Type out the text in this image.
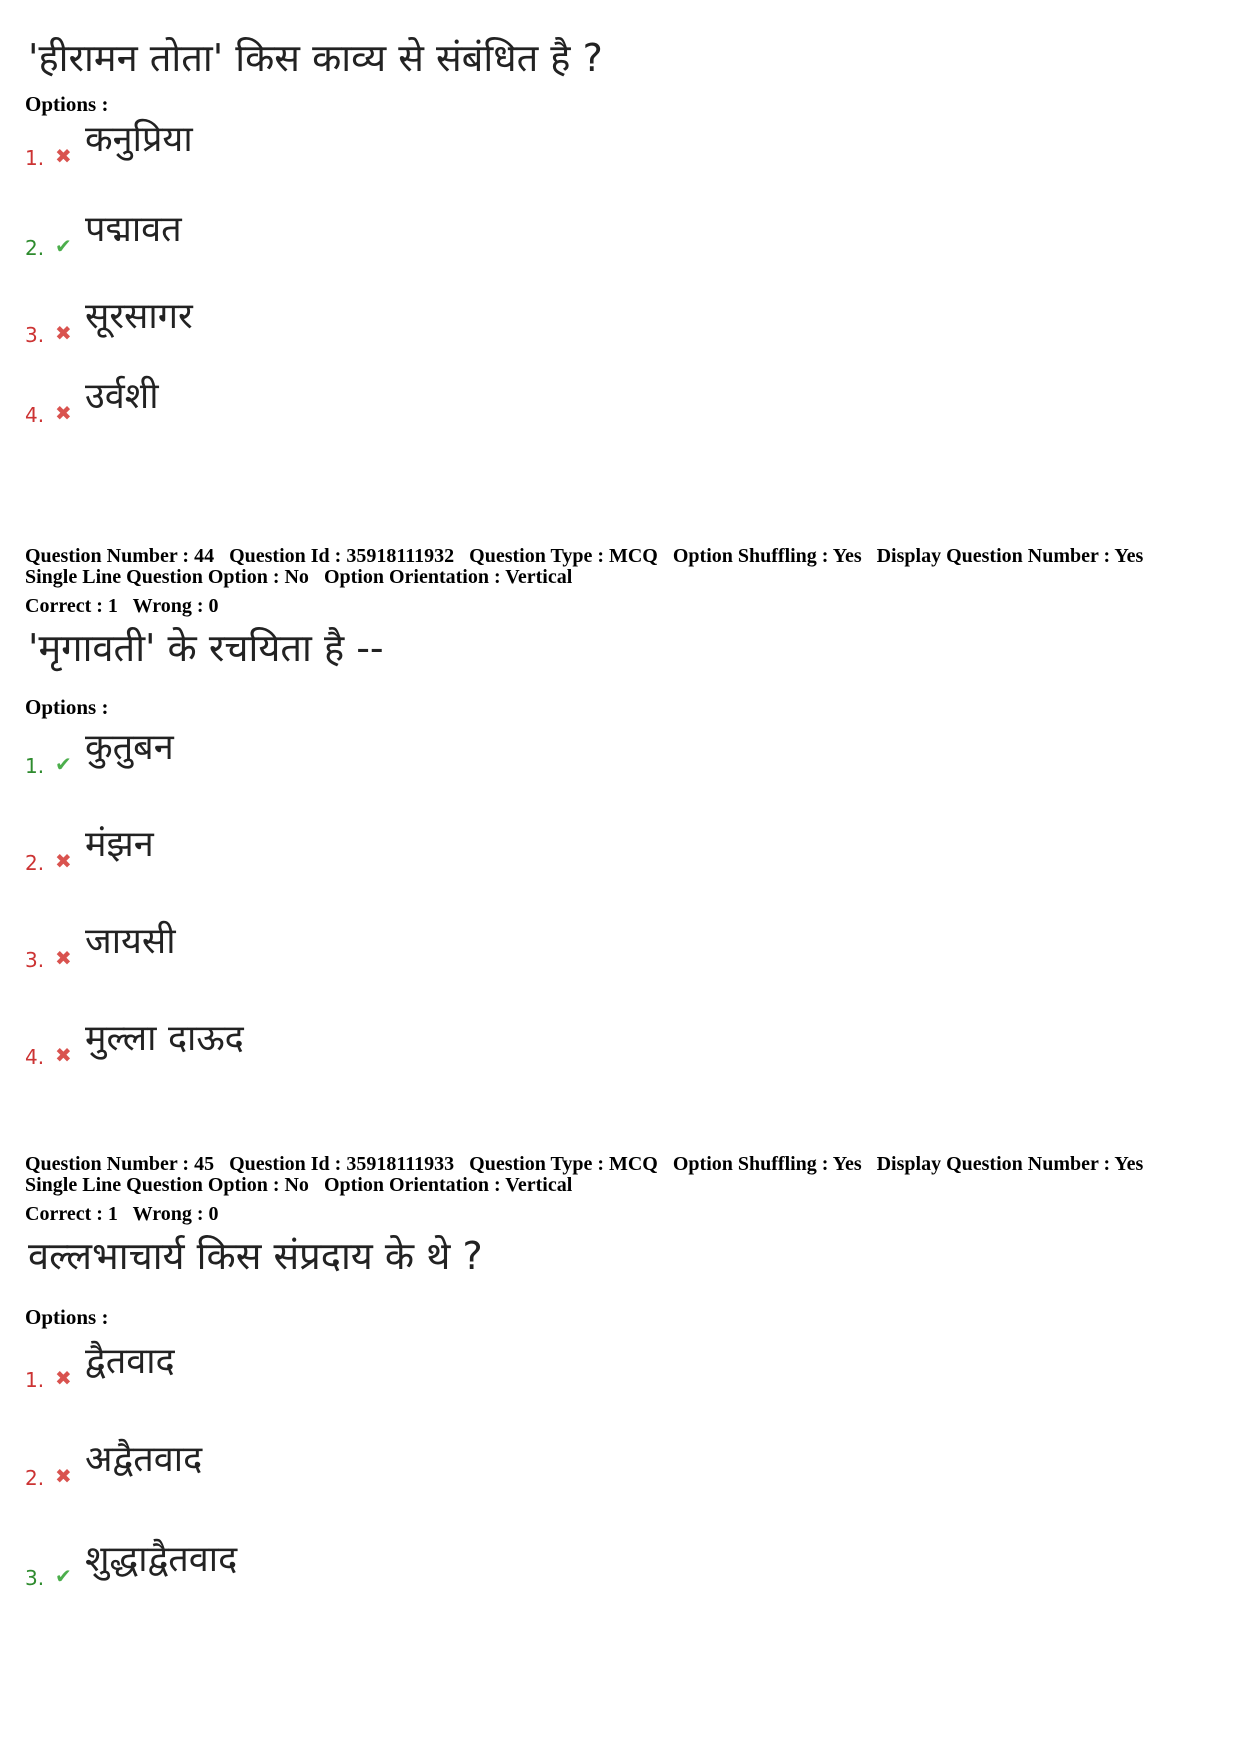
'हीरामन तोता' किस काव्य से संबंधित है ?
Options :
1. ✖ कनुप्रिया
2. ✔ पद्मावत
3. ✖ सूरसागर
4. ✖ उर्वशी
Question Number : 44 Question Id : 35918111932 Question Type : MCQ Option Shuffling : Yes Display Question Number : Yes
Single Line Question Option : No Option Orientation : Vertical
Correct : 1 Wrong : 0
'मृगावती' के रचयिता है --
Options :
1. ✔ कुतुबन
2. ✖ मंझन
3. ✖ जायसी
4. ✖ मुल्ला दाऊद
Question Number : 45 Question Id : 35918111933 Question Type : MCQ Option Shuffling : Yes Display Question Number : Yes
Single Line Question Option : No Option Orientation : Vertical
Correct : 1 Wrong : 0
वल्लभाचार्य किस संप्रदाय के थे ?
Options :
1. ✖ द्वैतवाद
2. ✖ अद्वैतवाद
3. ✔ शुद्धाद्वैतवाद
